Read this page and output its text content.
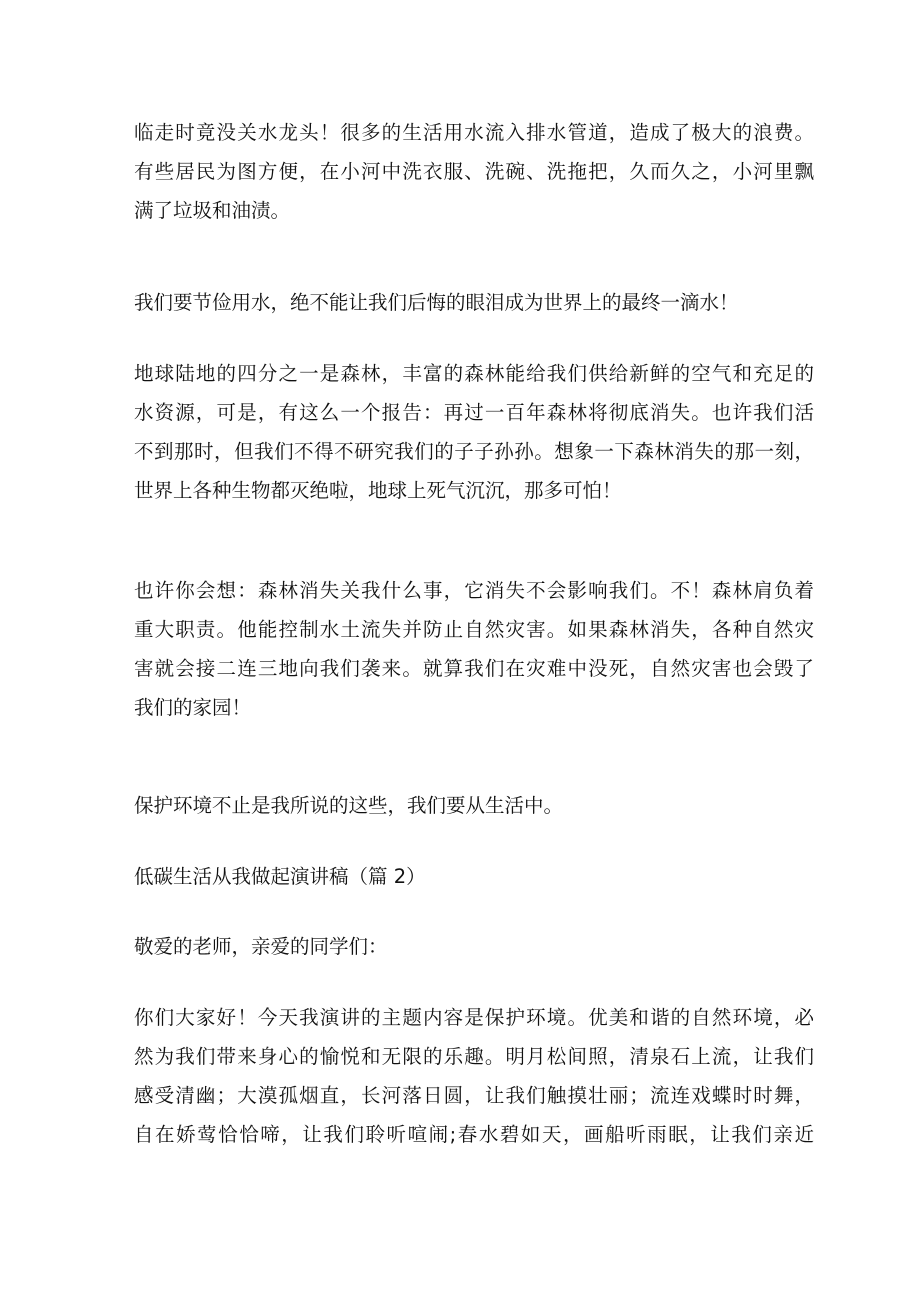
临走时竟没关水龙头！很多的生活用水流入排水管道，造成了极大的浪费。
有些居民为图方便，在小河中洗衣服、洗碗、洗拖把，久而久之，小河里飘
满了垃圾和油渍。
我们要节俭用水，绝不能让我们后悔的眼泪成为世界上的最终一滴水！
地球陆地的四分之一是森林，丰富的森林能给我们供给新鲜的空气和充足的
水资源，可是，有这么一个报告：再过一百年森林将彻底消失。也许我们活
不到那时，但我们不得不研究我们的子子孙孙。想象一下森林消失的那一刻，
世界上各种生物都灭绝啦，地球上死气沉沉，那多可怕！
也许你会想：森林消失关我什么事，它消失不会影响我们。不！森林肩负着
重大职责。他能控制水土流失并防止自然灾害。如果森林消失，各种自然灾
害就会接二连三地向我们袭来。就算我们在灾难中没死，自然灾害也会毁了
我们的家园！
保护环境不止是我所说的这些，我们要从生活中。
低碳生活从我做起演讲稿（篇 2）
敬爱的老师，亲爱的同学们：
你们大家好！今天我演讲的主题内容是保护环境。优美和谐的自然环境，必
然为我们带来身心的愉悦和无限的乐趣。明月松间照，清泉石上流，让我们
感受清幽；大漠孤烟直，长河落日圆，让我们触摸壮丽；流连戏蝶时时舞，
自在娇莺恰恰啼，让我们聆听喧闹;春水碧如天，画船听雨眠，让我们亲近
